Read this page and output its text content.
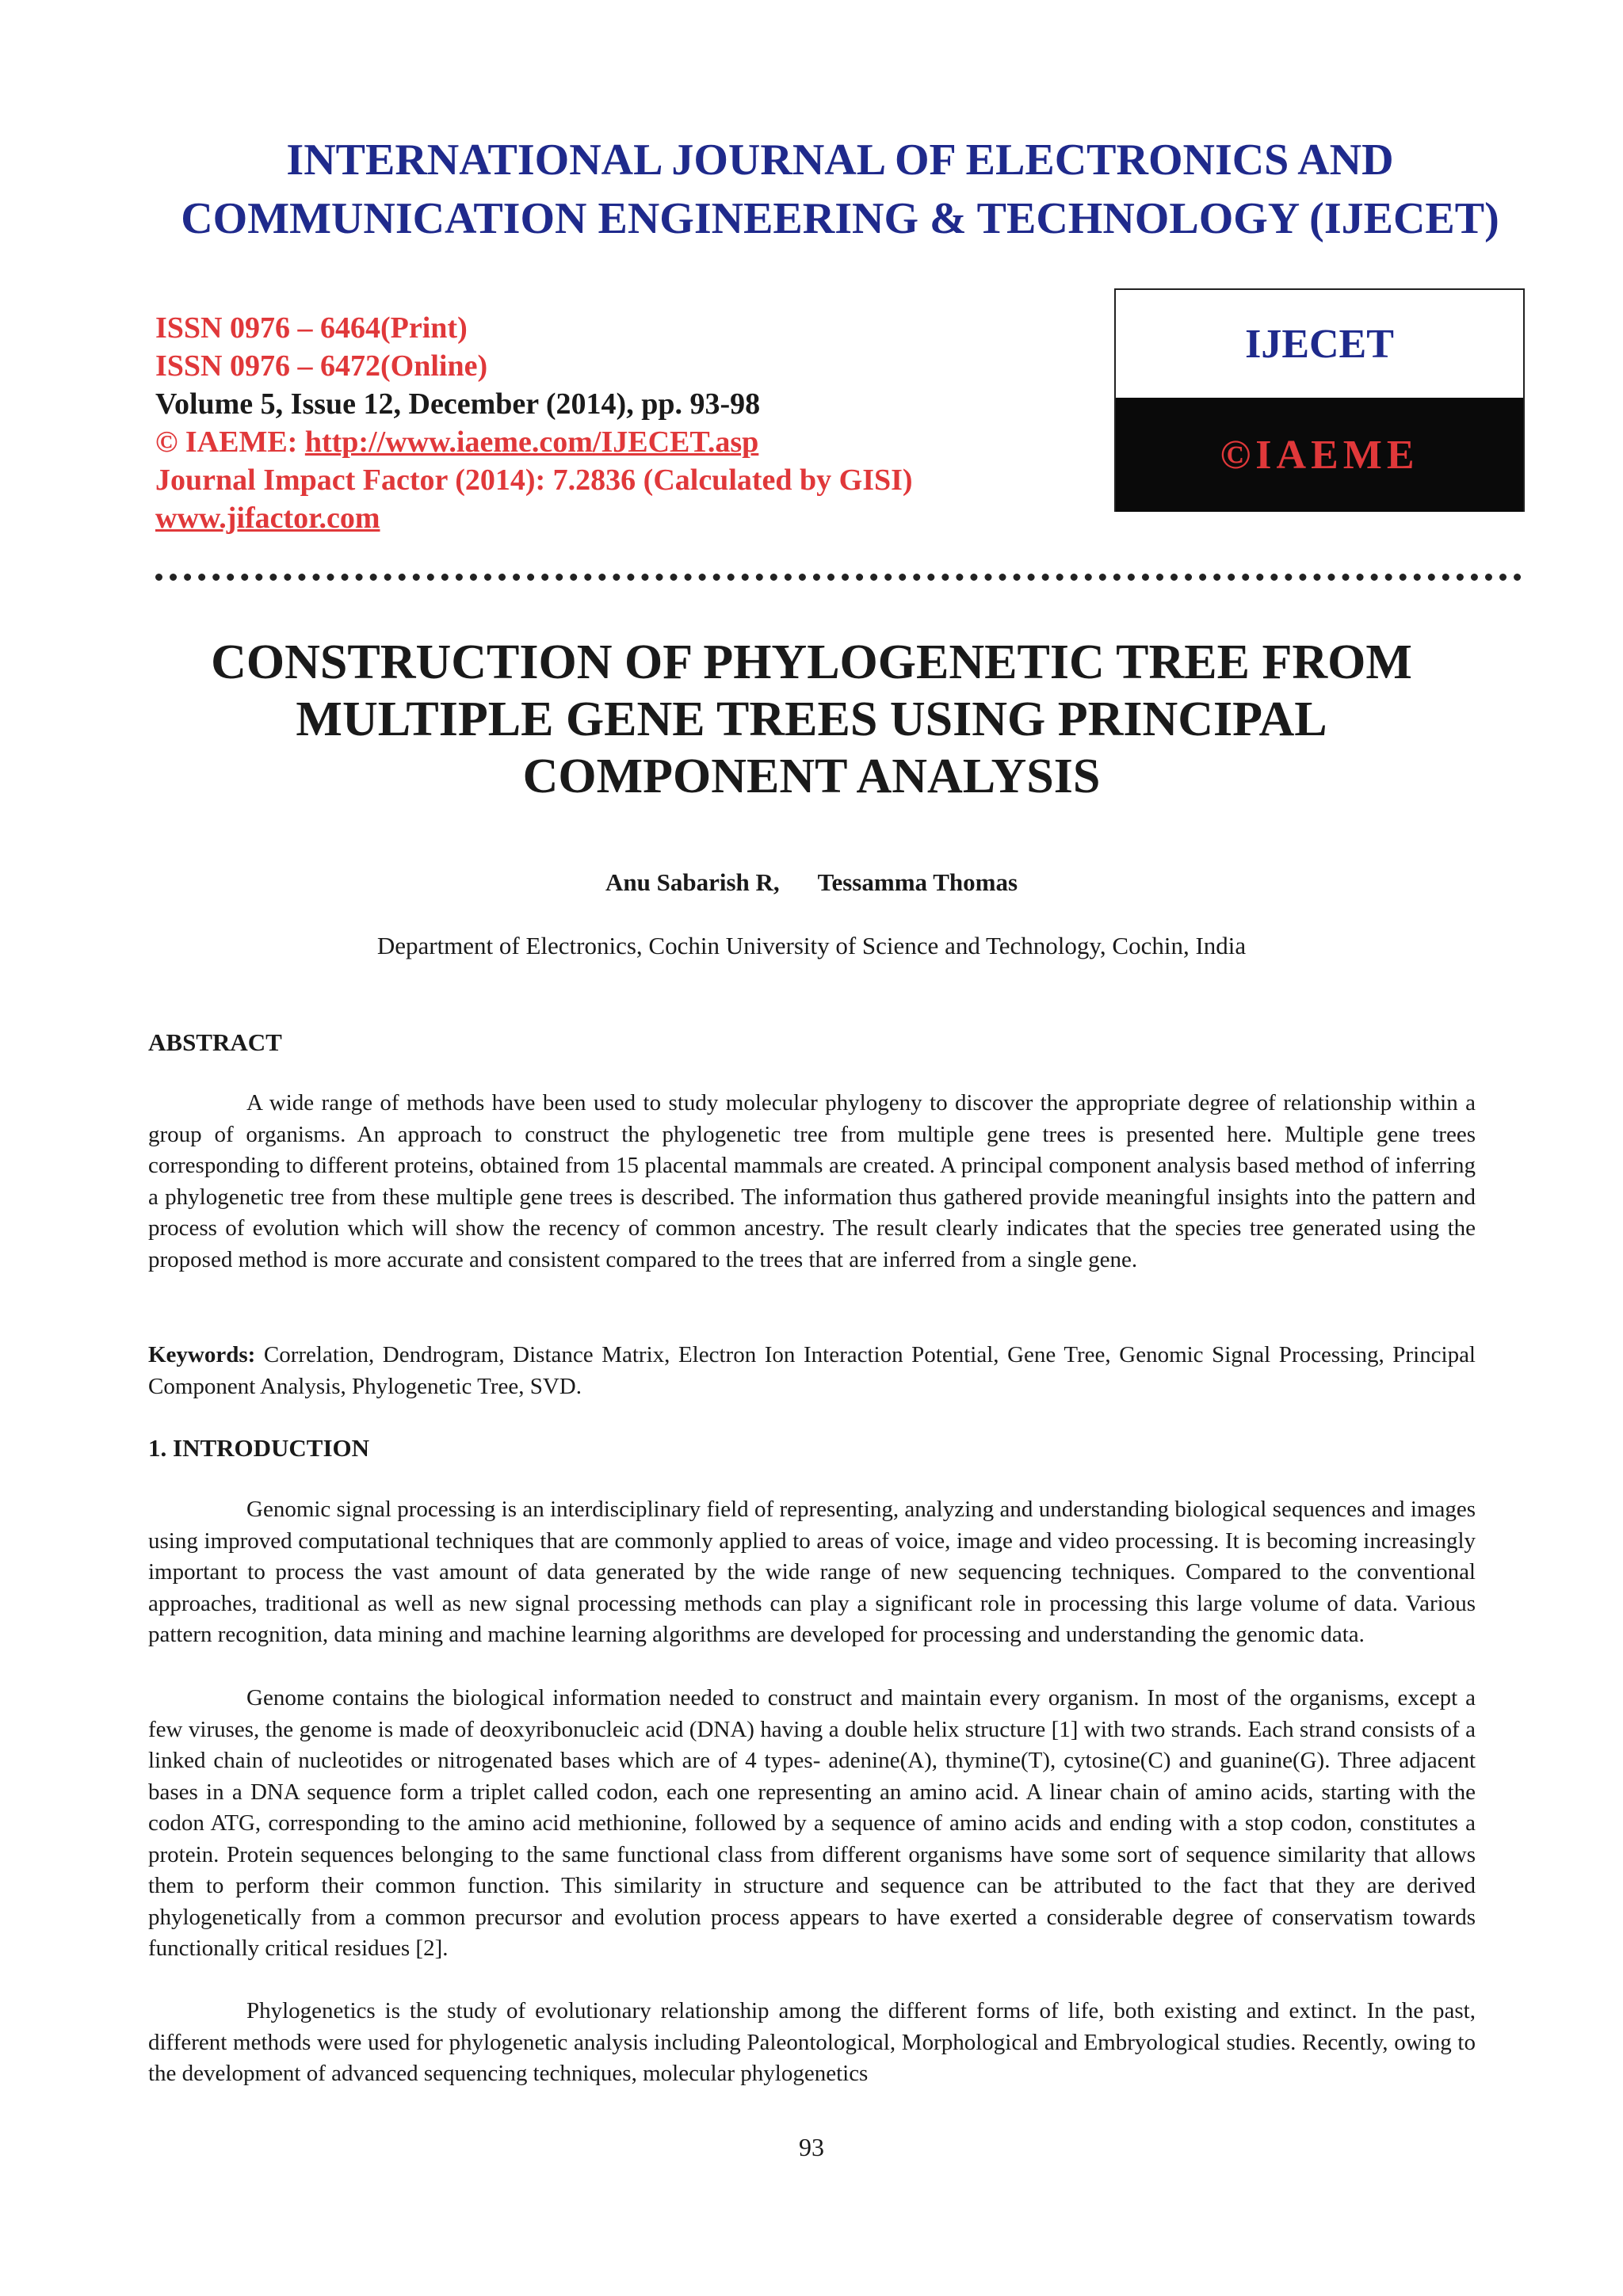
INTERNATIONAL JOURNAL OF ELECTRONICS AND
COMMUNICATION ENGINEERING & TECHNOLOGY (IJECET)
ISSN 0976 – 6464(Print)
ISSN 0976 – 6472(Online)
Volume 5, Issue 12, December (2014), pp. 93-98
© IAEME: http://www.iaeme.com/IJECET.asp
Journal Impact Factor (2014): 7.2836 (Calculated by GISI)
www.jifactor.com
IJECET
©IAEME
CONSTRUCTION OF PHYLOGENETIC TREE FROM
MULTIPLE GENE TREES USING PRINCIPAL
COMPONENT ANALYSIS
Anu Sabarish R, Tessamma Thomas
Department of Electronics, Cochin University of Science and Technology, Cochin, India
ABSTRACT

A wide range of methods have been used to study molecular phylogeny to discover the appropriate degree of relationship within a group of organisms. An approach to construct the phylogenetic tree from multiple gene trees is presented here. Multiple gene trees corresponding to different proteins, obtained from 15 placental mammals are created. A principal component analysis based method of inferring a phylogenetic tree from these multiple gene trees is described. The information thus gathered provide meaningful insights into the pattern and process of evolution which will show the recency of common ancestry. The result clearly indicates that the species tree generated using the proposed method is more accurate and consistent compared to the trees that are inferred from a single gene.

Keywords: Correlation, Dendrogram, Distance Matrix, Electron Ion Interaction Potential, Gene Tree, Genomic Signal Processing, Principal Component Analysis, Phylogenetic Tree, SVD.

1. INTRODUCTION

Genomic signal processing is an interdisciplinary field of representing, analyzing and understanding biological sequences and images using improved computational techniques that are commonly applied to areas of voice, image and video processing. It is becoming increasingly important to process the vast amount of data generated by the wide range of new sequencing techniques. Compared to the conventional approaches, traditional as well as new signal processing methods can play a significant role in processing this large volume of data. Various pattern recognition, data mining and machine learning algorithms are developed for processing and understanding the genomic data.

Genome contains the biological information needed to construct and maintain every organism. In most of the organisms, except a few viruses, the genome is made of deoxyribonucleic acid (DNA) having a double helix structure [1] with two strands. Each strand consists of a linked chain of nucleotides or nitrogenated bases which are of 4 types- adenine(A), thymine(T), cytosine(C) and guanine(G). Three adjacent bases in a DNA sequence form a triplet called codon, each one representing an amino acid. A linear chain of amino acids, starting with the codon ATG, corresponding to the amino acid methionine, followed by a sequence of amino acids and ending with a stop codon, constitutes a protein. Protein sequences belonging to the same functional class from different organisms have some sort of sequence similarity that allows them to perform their common function. This similarity in structure and sequence can be attributed to the fact that they are derived phylogenetically from a common precursor and evolution process appears to have exerted a considerable degree of conservatism towards functionally critical residues [2].

Phylogenetics is the study of evolutionary relationship among the different forms of life, both existing and extinct. In the past, different methods were used for phylogenetic analysis including Paleontological, Morphological and Embryological studies. Recently, owing to the development of advanced sequencing techniques, molecular phylogenetics

93
